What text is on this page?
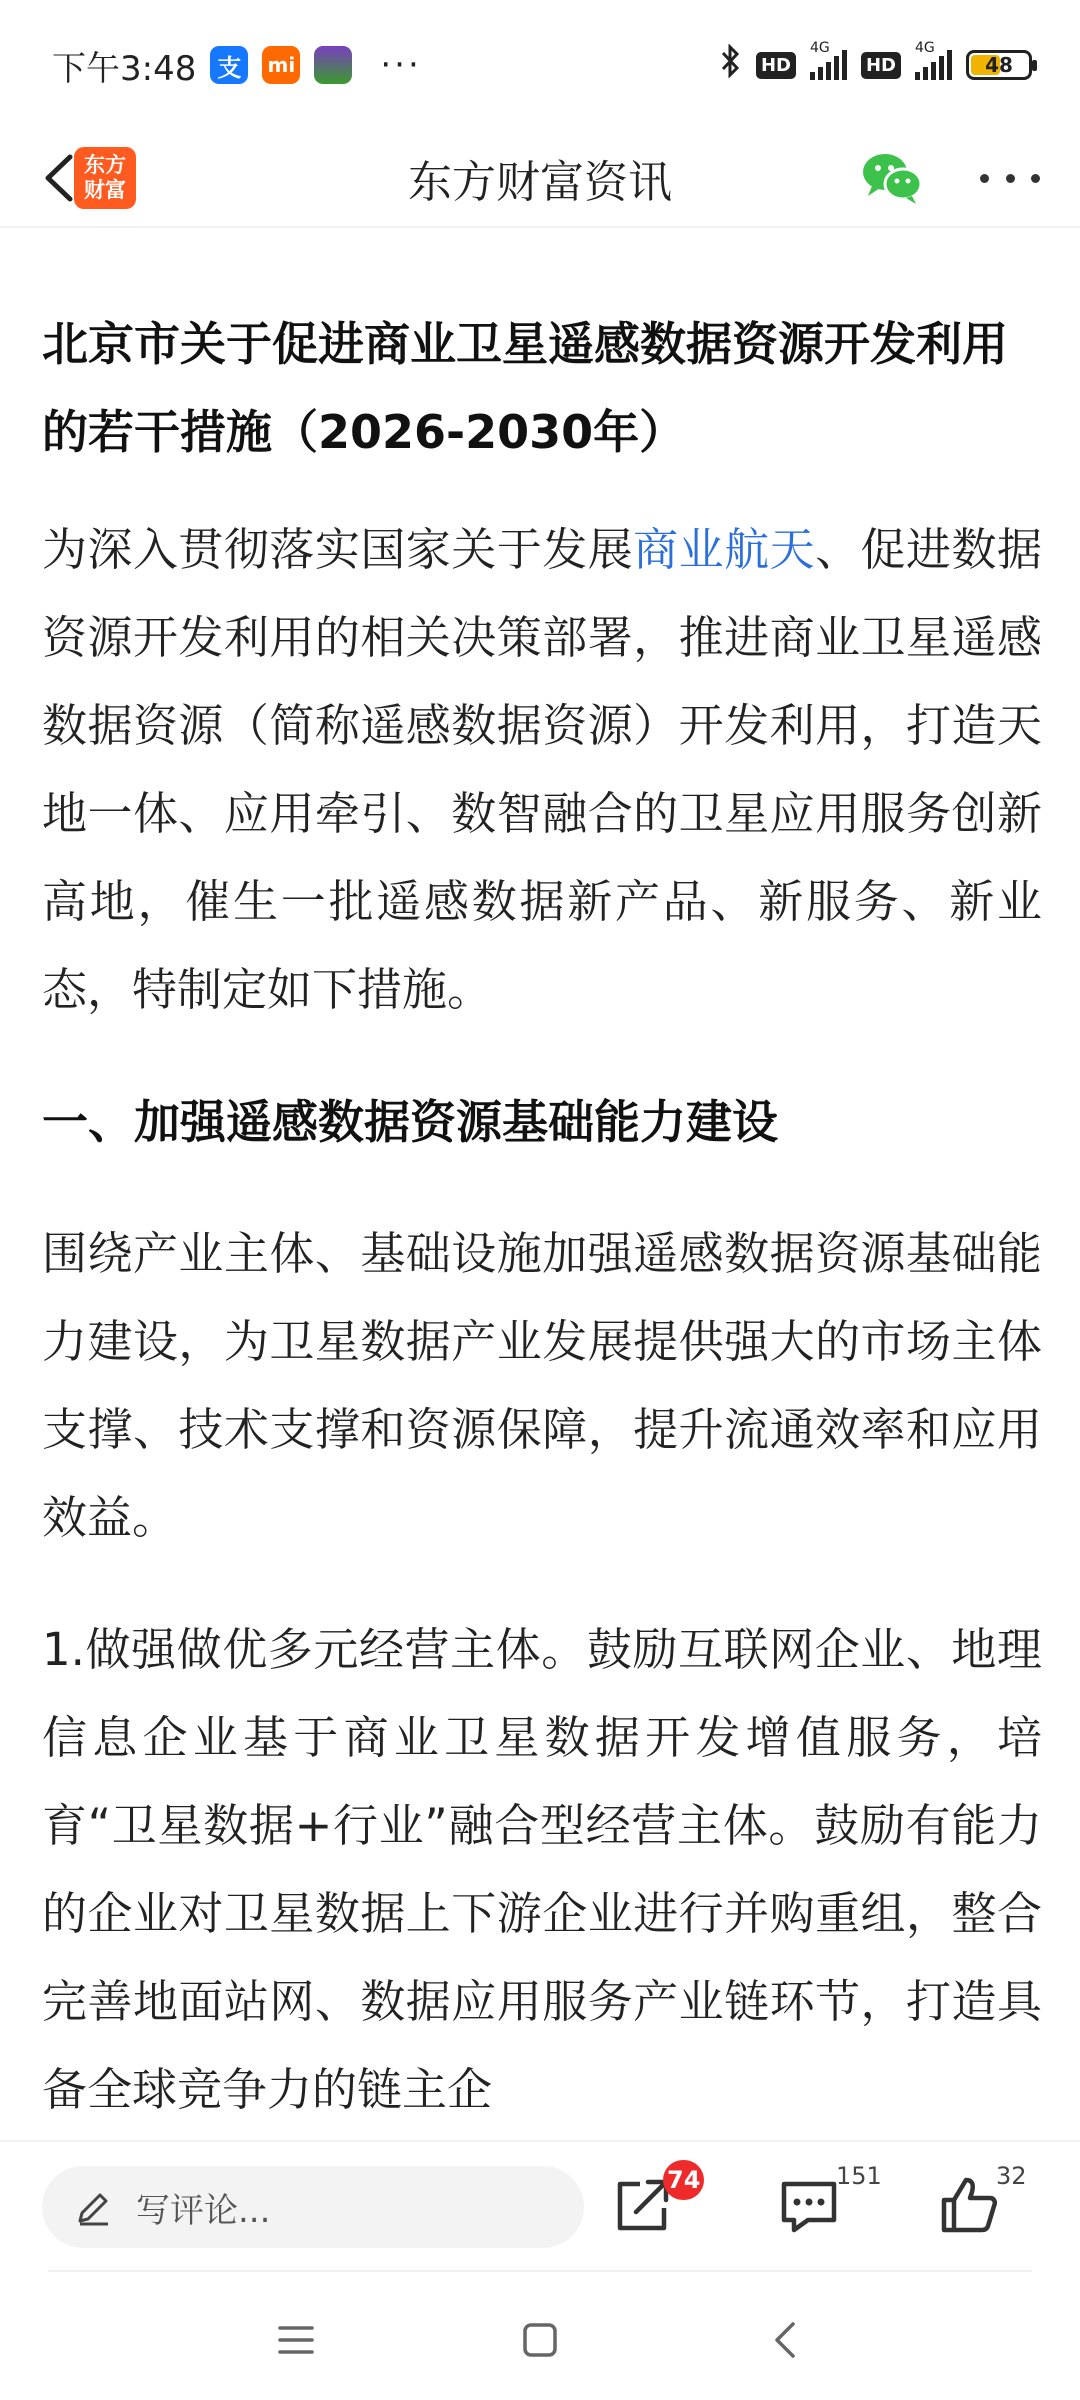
下午3:48 支	mi	···	HD
4G
HD
4G
48
东方财富资讯
东方
财富
北京市关于促进商业卫星遥感数据资源开发利用的若干措施（2026-2030年）

为深入贯彻落实国家关于发展商业航天、促进数据资源开发利用的相关决策部署，推进商业卫星遥感数据资源（简称遥感数据资源）开发利用，打造天地一体、应用牵引、数智融合的卫星应用服务创新高地，催生一批遥感数据新产品、新服务、新业态，特制定如下措施。

一、加强遥感数据资源基础能力建设

围绕产业主体、基础设施加强遥感数据资源基础能力建设，为卫星数据产业发展提供强大的市场主体支撑、技术支撑和资源保障，提升流通效率和应用效益。

1.做强做优多元经营主体。鼓励互联网企业、地理信息企业基于商业卫星数据开发增值服务，培育“卫星数据+行业”融合型经营主体。鼓励有能力的企业对卫星数据上下游企业进行并购重组，整合完善地面站网、数据应用服务产业链环节，打造具备全球竞争力的链主企

写评论...
74	151	32
